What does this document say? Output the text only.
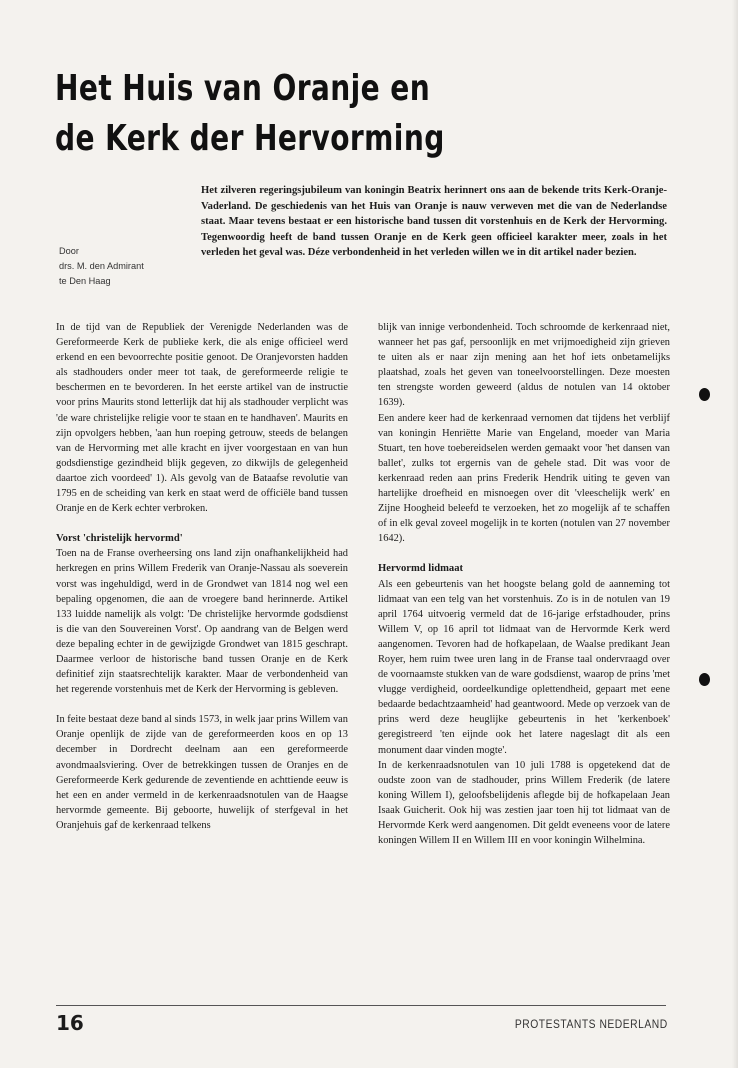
Het Huis van Oranje en
de Kerk der Hervorming

Het zilveren regeringsjubileum van koningin Beatrix herinnert ons aan de bekende trits Kerk-Oranje-Vaderland. De geschiedenis van het Huis van Oranje is nauw verweven met die van de Nederlandse staat. Maar tevens bestaat er een historische band tussen dit vorstenhuis en de Kerk der Hervorming. Tegenwoordig heeft de band tussen Oranje en de Kerk geen officieel karakter meer, zoals in het verleden het geval was. Déze verbondenheid in het verleden willen we in dit artikel nader bezien.

Door
drs. M. den Admirant
te Den Haag

In de tijd van de Republiek der Verenigde Nederlanden was de Gereformeerde Kerk de publieke kerk, die als enige officieel werd erkend en een bevoorrechte positie genoot. De Oranjevorsten hadden als stadhouders onder meer tot taak, de gereformeerde religie te beschermen en te bevorderen. In het eerste artikel van de instructie voor prins Maurits stond letterlijk dat hij als stadhouder verplicht was 'de ware christelijke religie voor te staan en te handhaven'. Maurits en zijn opvolgers hebben, 'aan hun roeping getrouw, steeds de belangen van de Hervorming met alle kracht en ijver voorgestaan en van hun godsdienstige gezindheid blijk gegeven, zo dikwijls de gelegenheid daartoe zich voordeed' 1). Als gevolg van de Bataafse revolutie van 1795 en de scheiding van kerk en staat werd de officiële band tussen Oranje en de Kerk echter verbroken.

Vorst 'christelijk hervormd'

Toen na de Franse overheersing ons land zijn onafhankelijkheid had herkregen en prins Willem Frederik van Oranje-Nassau als soeverein vorst was ingehuldigd, werd in de Grondwet van 1814 nog wel een bepaling opgenomen, die aan de vroegere band herinnerde. Artikel 133 luidde namelijk als volgt: 'De christelijke hervormde godsdienst is die van den Souvereinen Vorst'. Op aandrang van de Belgen werd deze bepaling echter in de gewijzigde Grondwet van 1815 geschrapt. Daarmee verloor de historische band tussen Oranje en de Kerk definitief zijn staatsrechtelijk karakter. Maar de verbondenheid van het regerende vorstenhuis met de Kerk der Hervorming is gebleven.

In feite bestaat deze band al sinds 1573, in welk jaar prins Willem van Oranje openlijk de zijde van de gereformeerden koos en op 13 december in Dordrecht deelnam aan een gereformeerde avondmaalsviering. Over de betrekkingen tussen de Oranjes en de Gereformeerde Kerk gedurende de zeventiende en achttiende eeuw is het een en ander vermeld in de kerkenraadsnotulen van de Haagse hervormde gemeente. Bij geboorte, huwelijk of sterfgeval in het Oranjehuis gaf de kerkenraad telkens

blijk van innige verbondenheid. Toch schroomde de kerkenraad niet, wanneer het pas gaf, persoonlijk en met vrijmoedigheid zijn grieven te uiten als er naar zijn mening aan het hof iets onbetamelijks plaatshad, zoals het geven van toneelvoorstellingen. Deze moesten ten strengste worden geweerd (aldus de notulen van 14 oktober 1639).

Een andere keer had de kerkenraad vernomen dat tijdens het verblijf van koningin Henriëtte Marie van Engeland, moeder van Maria Stuart, ten hove toebereidselen werden gemaakt voor 'het dansen van ballet', zulks tot ergernis van de gehele stad. Dit was voor de kerkenraad reden aan prins Frederik Hendrik uiting te geven van hartelijke droefheid en misnoegen over dit 'vleeschelijk werk' en Zijne Hoogheid beleefd te verzoeken, het zo mogelijk af te schaffen of in elk geval zoveel mogelijk in te korten (notulen van 27 november 1642).

Hervormd lidmaat

Als een gebeurtenis van het hoogste belang gold de aanneming tot lidmaat van een telg van het vorstenhuis. Zo is in de notulen van 19 april 1764 uitvoerig vermeld dat de 16-jarige erfstadhouder, prins Willem V, op 16 april tot lidmaat van de Hervormde Kerk werd aangenomen. Tevoren had de hofkapelaan, de Waalse predikant Jean Royer, hem ruim twee uren lang in de Franse taal ondervraagd over de voornaamste stukken van de ware godsdienst, waarop de prins 'met vlugge verdigheid, oordeelkundige oplettendheid, gepaart met eene bedaarde bedachtzaamheid' had geantwoord. Mede op verzoek van de prins werd deze heuglijke gebeurtenis in het 'kerkenboek' geregistreerd 'ten eijnde ook het latere nageslagt dit als een monument daar vinden mogte'.

In de kerkenraadsnotulen van 10 juli 1788 is opgetekend dat de oudste zoon van de stadhouder, prins Willem Frederik (de latere koning Willem I), geloofsbelijdenis aflegde bij de hofkapelaan Jean Isaak Guicherit. Ook hij was zestien jaar toen hij tot lidmaat van de Hervormde Kerk werd aangenomen. Dit geldt eveneens voor de latere koningen Willem II en Willem III en voor koningin Wilhelmina.

16	PROTESTANTS NEDERLAND
